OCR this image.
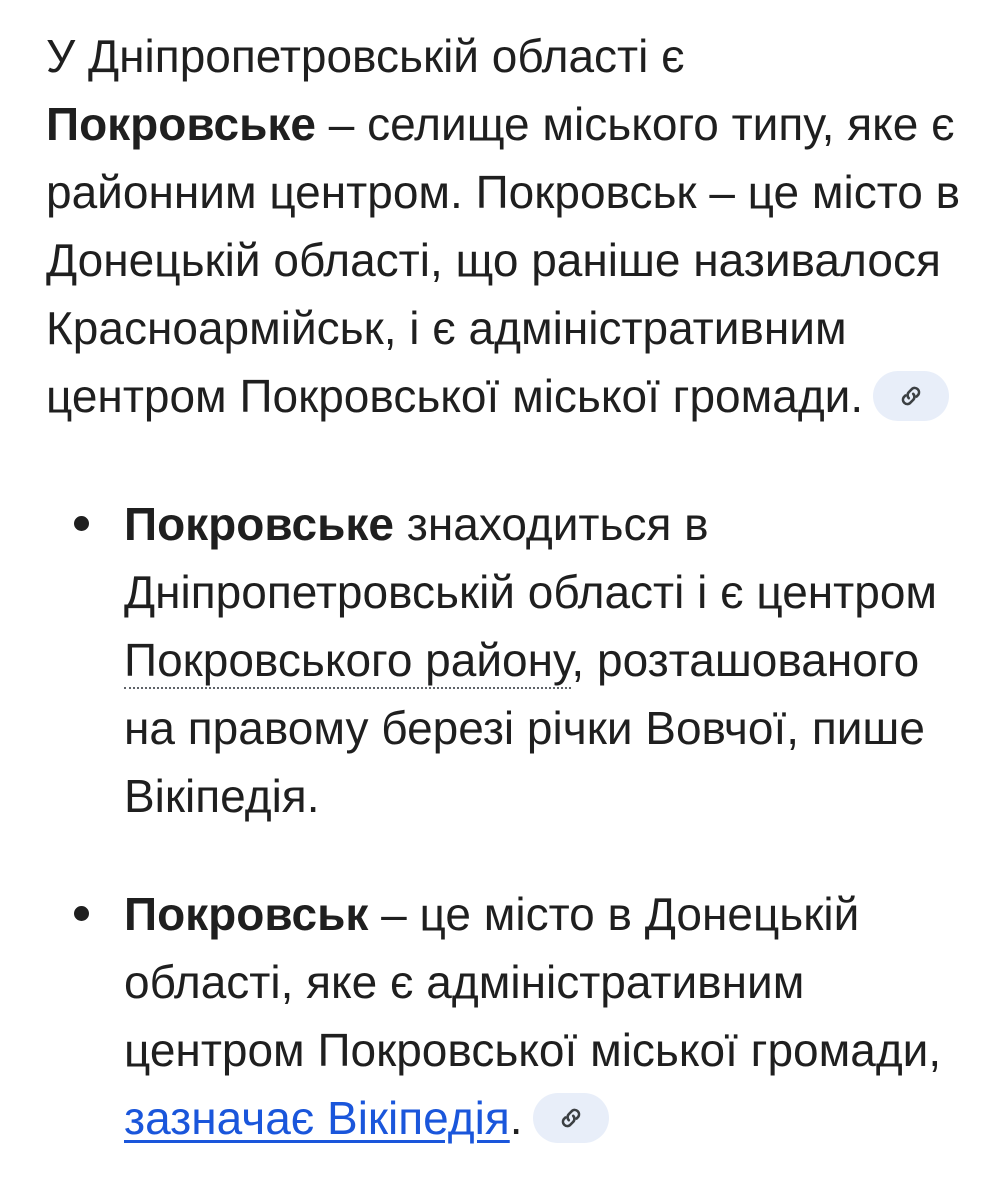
У Дніпропетровській області є Покровське – селище міського типу, яке є районним центром. Покровськ – це місто в Донецькій області, що раніше називалося Красноармійськ, і є адміністративним центром Покровської міської громади.

Покровське знаходиться в Дніпропетровській області і є центром Покровського району, розташованого на правому березі річки Вовчої, пише Вікіпедія.
Покровськ – це місто в Донецькій області, яке є адміністративним центром Покровської міської громади, зазначає Вікіпедія.
